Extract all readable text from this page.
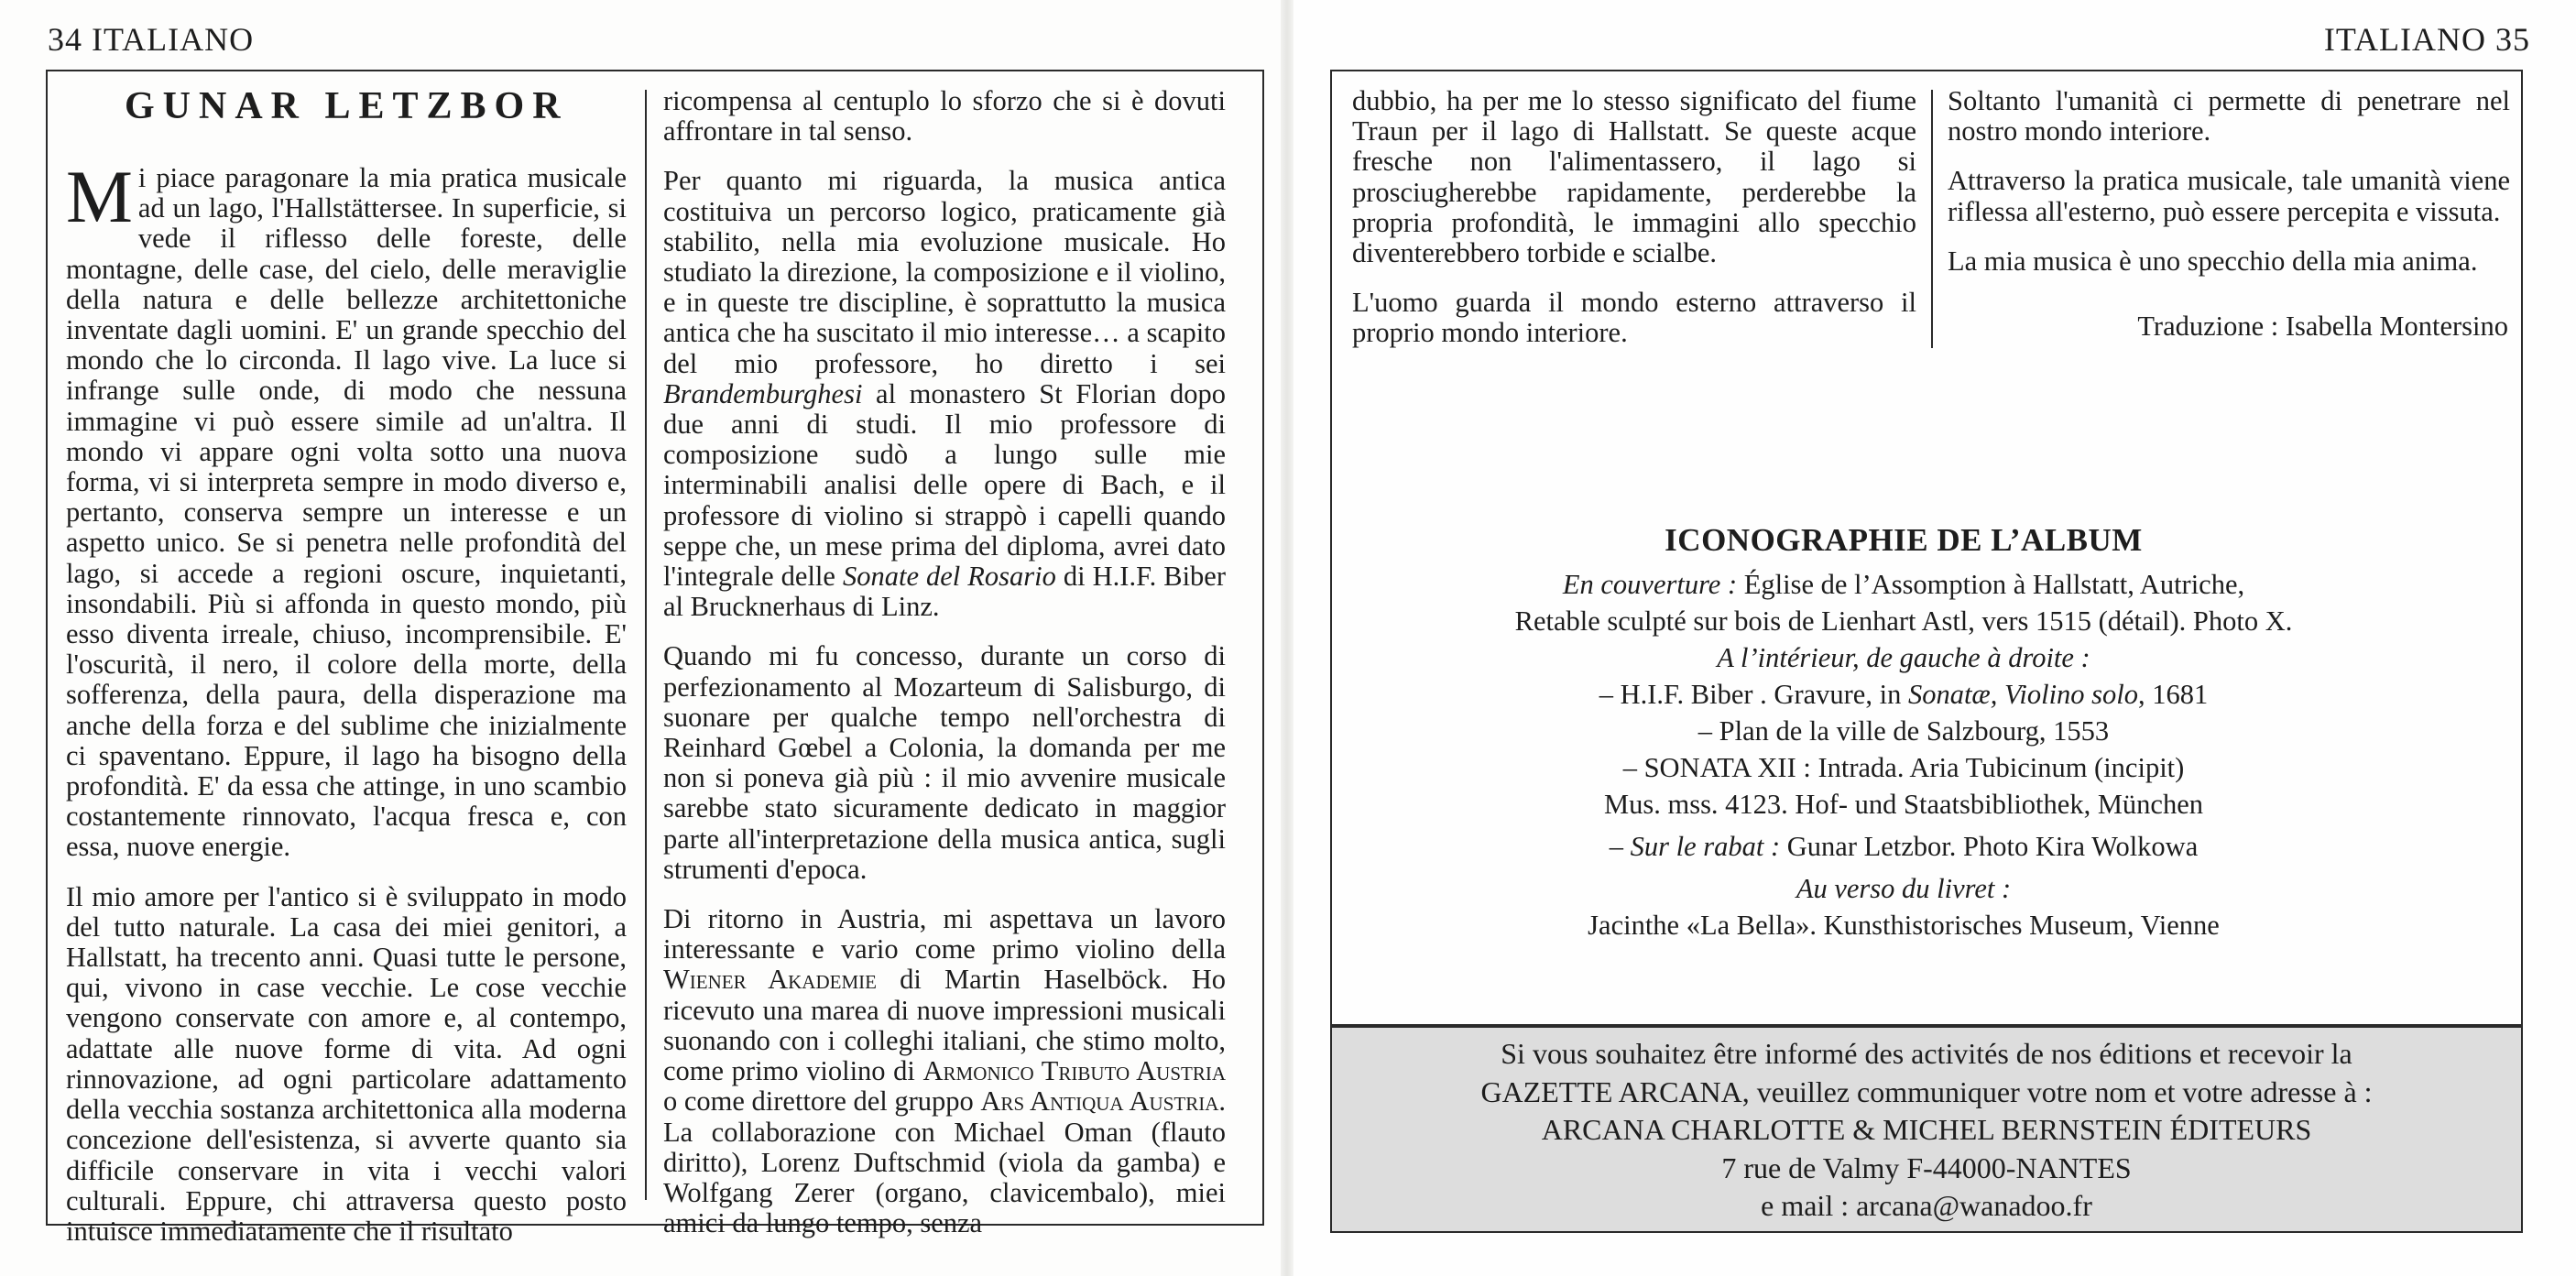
34 ITALIANO
GUNAR LETZBOR

Mi piace paragonare la mia pratica musicale ad un lago, l'Hallstättersee. In superficie, si vede il riflesso delle foreste, delle montagne, delle case, del cielo, delle meraviglie della natura e delle bellezze architettoniche inventate dagli uomini. E' un grande specchio del mondo che lo circonda. Il lago vive. La luce si infrange sulle onde, di modo che nessuna immagine vi può essere simile ad un'altra. Il mondo vi appare ogni volta sotto una nuova forma, vi si interpreta sempre in modo diverso e, pertanto, conserva sempre un interesse e un aspetto unico. Se si penetra nelle profondità del lago, si accede a regioni oscure, inquietanti, insondabili. Più si affonda in questo mondo, più esso diventa irreale, chiuso, incomprensibile. E' l'oscurità, il nero, il colore della morte, della sofferenza, della paura, della disperazione ma anche della forza e del sublime che inizialmente ci spaventano. Eppure, il lago ha bisogno della profondità. E' da essa che attinge, in uno scambio costantemente rinnovato, l'acqua fresca e, con essa, nuove energie.

Il mio amore per l'antico si è sviluppato in modo del tutto naturale. La casa dei miei genitori, a Hallstatt, ha trecento anni. Quasi tutte le persone, qui, vivono in case vecchie. Le cose vecchie vengono conservate con amore e, al contempo, adattate alle nuove forme di vita. Ad ogni rinnovazione, ad ogni particolare adattamento della vecchia sostanza architettonica alla moderna concezione dell'esistenza, si avverte quanto sia difficile conservare in vita i vecchi valori culturali. Eppure, chi attraversa questo posto intuisce immediatamente che il risultato

ricompensa al centuplo lo sforzo che si è dovuti affrontare in tal senso.

Per quanto mi riguarda, la musica antica costituiva un percorso logico, praticamente già stabilito, nella mia evoluzione musicale. Ho studiato la direzione, la composizione e il violino, e in queste tre discipline, è soprattutto la musica antica che ha suscitato il mio interesse… a scapito del mio professore, ho diretto i sei Brandemburghesi al monastero St Florian dopo due anni di studi. Il mio professore di composizione sudò a lungo sulle mie interminabili analisi delle opere di Bach, e il professore di violino si strappò i capelli quando seppe che, un mese prima del diploma, avrei dato l'integrale delle Sonate del Rosario di H.I.F. Biber al Brucknerhaus di Linz.

Quando mi fu concesso, durante un corso di perfezionamento al Mozarteum di Salisburgo, di suonare per qualche tempo nell'orchestra di Reinhard Gœbel a Colonia, la domanda per me non si poneva già più : il mio avvenire musicale sarebbe stato sicuramente dedicato in maggior parte all'interpretazione della musica antica, sugli strumenti d'epoca.

Di ritorno in Austria, mi aspettava un lavoro interessante e vario come primo violino della Wiener Akademie di Martin Haselböck. Ho ricevuto una marea di nuove impressioni musicali suonando con i colleghi italiani, che stimo molto, come primo violino di Armonico Tributo Austria o come direttore del gruppo Ars Antiqua Austria. La collaborazione con Michael Oman (flauto diritto), Lorenz Duftschmid (viola da gamba) e Wolfgang Zerer (organo, clavicembalo), miei amici da lungo tempo, senza

ITALIANO 35

dubbio, ha per me lo stesso significato del fiume Traun per il lago di Hallstatt. Se queste acque fresche non l'alimentassero, il lago si prosciugherebbe rapidamente, perderebbe la propria profondità, le immagini allo specchio diventerebbero torbide e scialbe.

L'uomo guarda il mondo esterno attraverso il proprio mondo interiore.

Soltanto l'umanità ci permette di penetrare nel nostro mondo interiore.

Attraverso la pratica musicale, tale umanità viene riflessa all'esterno, può essere percepita e vissuta.

La mia musica è uno specchio della mia anima.

Traduzione : Isabella Montersino
ICONOGRAPHIE DE L’ALBUM
En couverture : Église de l’Assomption à Hallstatt, Autriche,
Retable sculpté sur bois de Lienhart Astl, vers 1515 (détail). Photo X.
A l’intérieur, de gauche à droite :
– H.I.F. Biber . Gravure, in Sonatæ, Violino solo, 1681
– Plan de la ville de Salzbourg, 1553
– SONATA XII : Intrada. Aria Tubicinum (incipit)
Mus. mss. 4123. Hof- und Staatsbibliothek, München
– Sur le rabat : Gunar Letzbor. Photo Kira Wolkowa
Au verso du livret :
Jacinthe «La Bella». Kunsthistorisches Museum, Vienne
Si vous souhaitez être informé des activités de nos éditions et recevoir la
GAZETTE ARCANA, veuillez communiquer votre nom et votre adresse à :
ARCANA CHARLOTTE & MICHEL BERNSTEIN ÉDITEURS
7 rue de Valmy F-44000-NANTES
e mail : arcana@wanadoo.fr
